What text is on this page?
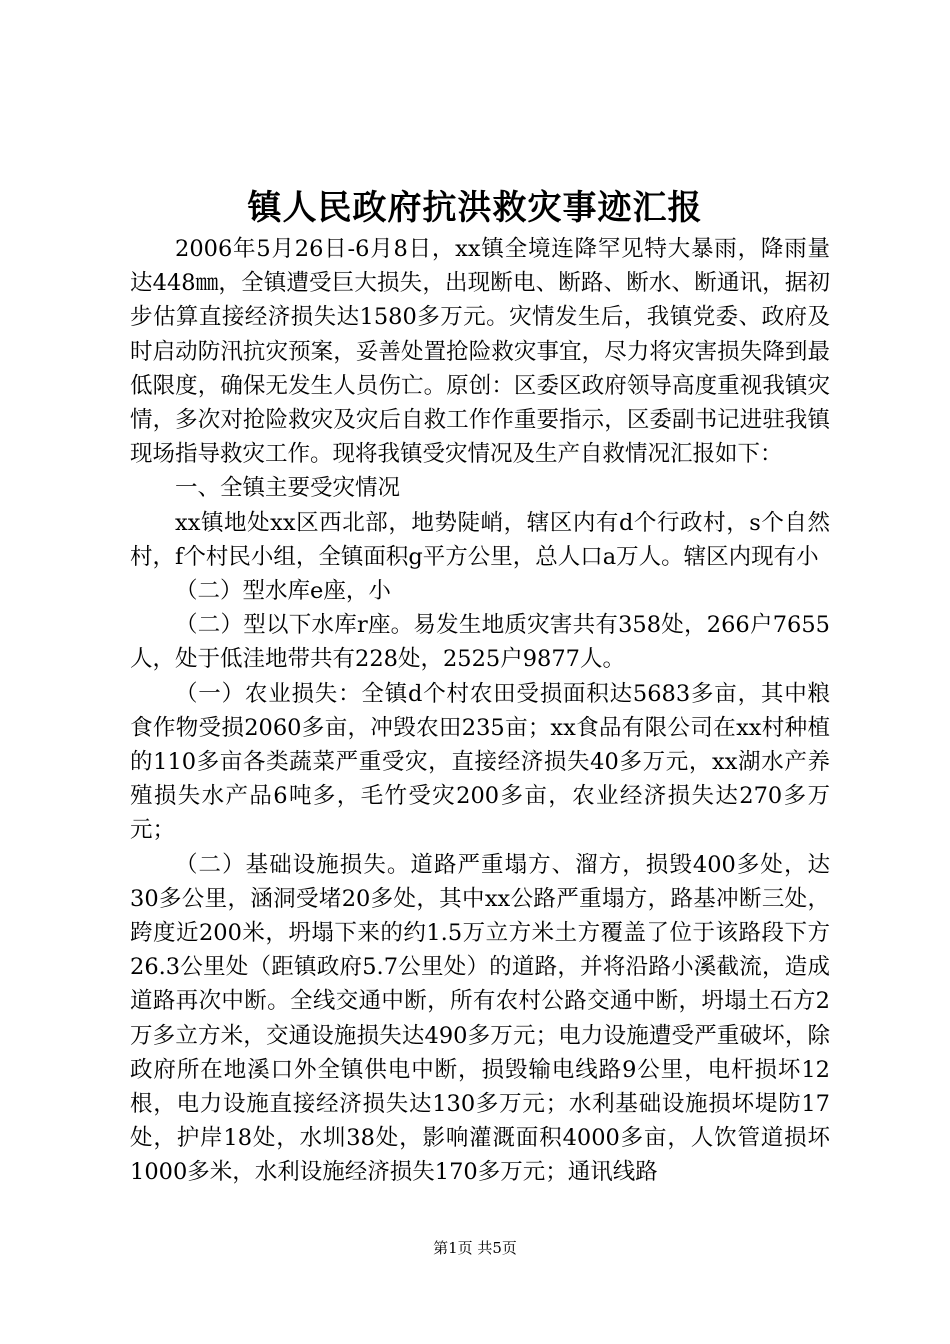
镇人民政府抗洪救灾事迹汇报

2006年5月26日-6月8日，xx镇全境连降罕见特大暴雨，降雨量达448㎜，全镇遭受巨大损失，出现断电、断路、断水、断通讯，据初步估算直接经济损失达1580多万元。灾情发生后，我镇党委、政府及时启动防汛抗灾预案，妥善处置抢险救灾事宜，尽力将灾害损失降到最低限度，确保无发生人员伤亡。原创：区委区政府领导高度重视我镇灾情，多次对抢险救灾及灾后自救工作作重要指示，区委副书记进驻我镇现场指导救灾工作。现将我镇受灾情况及生产自救情况汇报如下：

一、全镇主要受灾情况

xx镇地处xx区西北部，地势陡峭，辖区内有d个行政村，s个自然村，f个村民小组，全镇面积g平方公里，总人口a万人。辖区内现有小

（二）型水库e座，小

（二）型以下水库r座。易发生地质灾害共有358处，266户7655人，处于低洼地带共有228处，2525户9877人。

（一）农业损失：全镇d个村农田受损面积达5683多亩，其中粮食作物受损2060多亩，冲毁农田235亩；xx食品有限公司在xx村种植的110多亩各类蔬菜严重受灾，直接经济损失40多万元，xx湖水产养殖损失水产品6吨多，毛竹受灾200多亩，农业经济损失达270多万元；

（二）基础设施损失。道路严重塌方、溜方，损毁400多处，达30多公里，涵洞受堵20多处，其中xx公路严重塌方，路基冲断三处，跨度近200米，坍塌下来的约1.5万立方米土方覆盖了位于该路段下方26.3公里处（距镇政府5.7公里处）的道路，并将沿路小溪截流，造成道路再次中断。全线交通中断，所有农村公路交通中断，坍塌土石方2万多立方米，交通设施损失达490多万元；电力设施遭受严重破坏，除政府所在地溪口外全镇供电中断，损毁输电线路9公里，电杆损坏12根，电力设施直接经济损失达130多万元；水利基础设施损坏堤防17处，护岸18处，水圳38处，影响灌溉面积4000多亩，人饮管道损坏1000多米，水利设施经济损失170多万元；通讯线路

第1页 共5页
